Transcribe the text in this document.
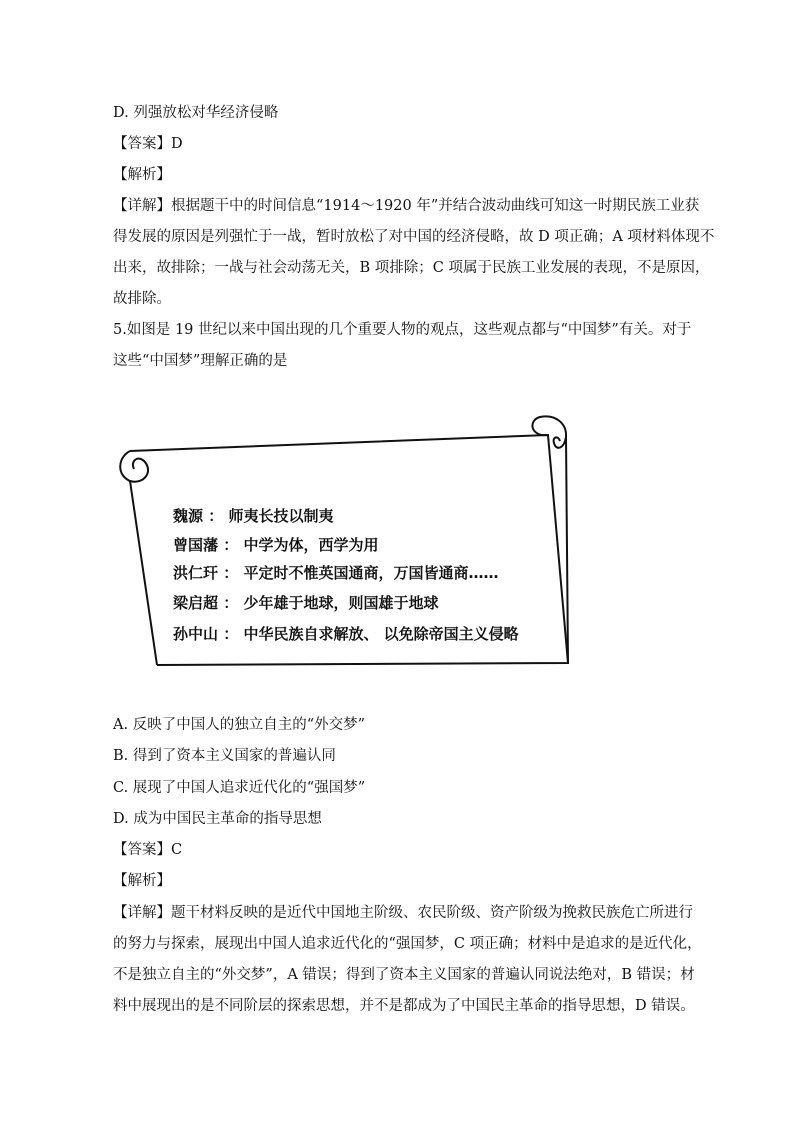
D. 列强放松对华经济侵略
【答案】D
【解析】
【详解】根据题干中的时间信息“1914～1920 年”并结合波动曲线可知这一时期民族工业获
得发展的原因是列强忙于一战，暂时放松了对中国的经济侵略，故 D 项正确；A 项材料体现不
出来，故排除；一战与社会动荡无关，B 项排除；C 项属于民族工业发展的表现，不是原因，
故排除。
5.如图是 19 世纪以来中国出现的几个重要人物的观点，这些观点都与“中国梦”有关。对于
这些“中国梦”理解正确的是
魏源 ： 师夷长技以制夷
曾国藩 ： 中学为体，西学为用
洪仁玕 ： 平定时不惟英国通商，万国皆通商……
梁启超 ： 少年雄于地球，则国雄于地球
孙中山 ： 中华民族自求解放、 以免除帝国主义侵略
A. 反映了中国人的独立自主的“外交梦”
B. 得到了资本主义国家的普遍认同
C. 展现了中国人追求近代化的“强国梦”
D. 成为中国民主革命的指导思想
【答案】C
【解析】
【详解】题干材料反映的是近代中国地主阶级、农民阶级、资产阶级为挽救民族危亡所进行
的努力与探索，展现出中国人追求近代化的“强国梦，C 项正确；材料中是追求的是近代化，
不是独立自主的“外交梦”，A 错误；得到了资本主义国家的普遍认同说法绝对，B 错误；材
料中展现出的是不同阶层的探索思想，并不是都成为了中国民主革命的指导思想，D 错误。
